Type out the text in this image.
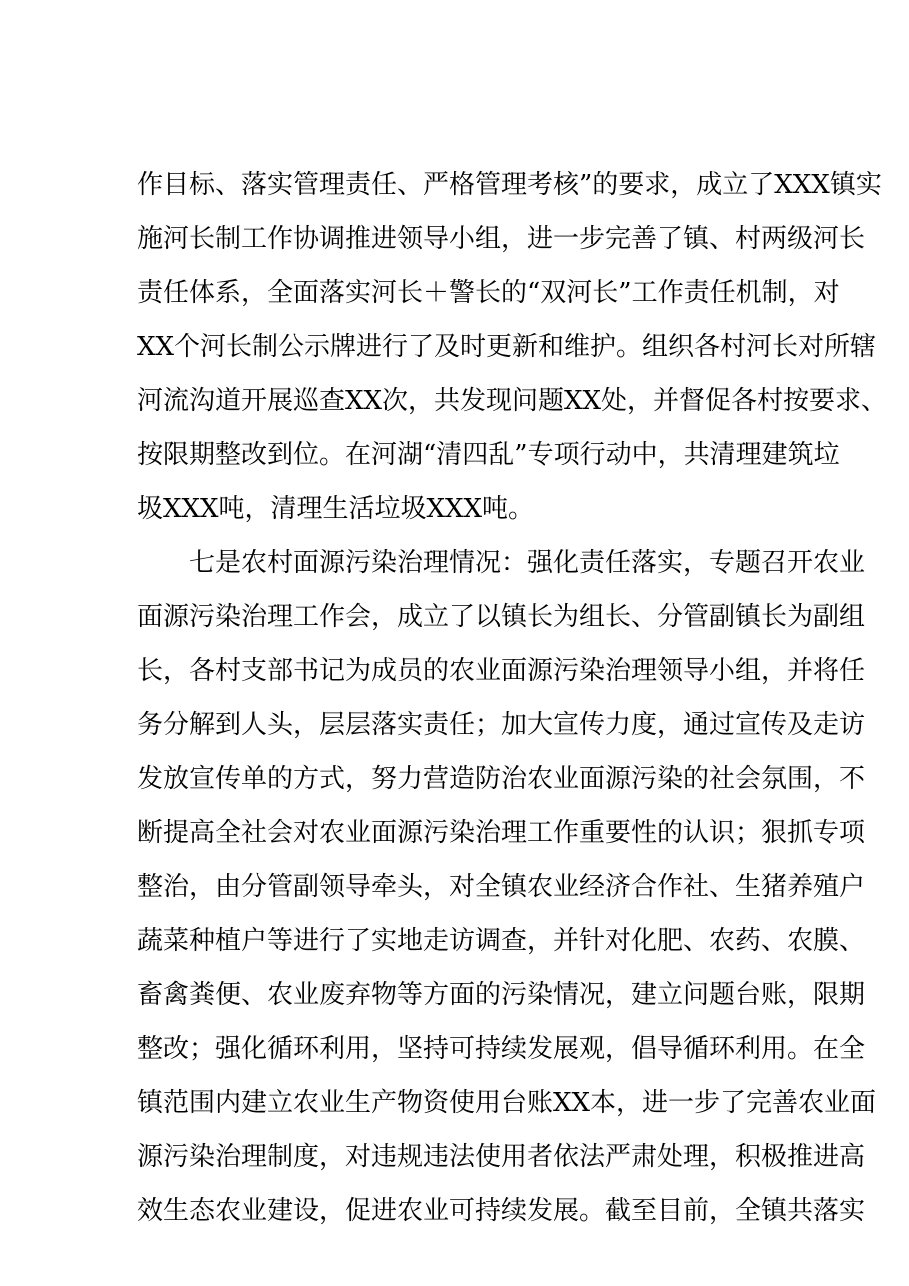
作目标、落实管理责任、严格管理考核”的要求，成立了XXX镇实
施河长制工作协调推进领导小组，进一步完善了镇、村两级河长
责任体系，全面落实河长＋警长的“双河长”工作责任机制，对
XX个河长制公示牌进行了及时更新和维护。组织各村河长对所辖
河流沟道开展巡查XX次，共发现问题XX处，并督促各村按要求、
按限期整改到位。在河湖“清四乱”专项行动中，共清理建筑垃
圾XXX吨，清理生活垃圾XXX吨。
七是农村面源污染治理情况：强化责任落实，专题召开农业
面源污染治理工作会，成立了以镇长为组长、分管副镇长为副组
长，各村支部书记为成员的农业面源污染治理领导小组，并将任
务分解到人头，层层落实责任；加大宣传力度，通过宣传及走访
发放宣传单的方式，努力营造防治农业面源污染的社会氛围，不
断提高全社会对农业面源污染治理工作重要性的认识；狠抓专项
整治，由分管副领导牵头，对全镇农业经济合作社、生猪养殖户
蔬菜种植户等进行了实地走访调查，并针对化肥、农药、农膜、
畜禽粪便、农业废弃物等方面的污染情况，建立问题台账，限期
整改；强化循环利用，坚持可持续发展观，倡导循环利用。在全
镇范围内建立农业生产物资使用台账XX本，进一步了完善农业面
源污染治理制度，对违规违法使用者依法严肃处理，积极推进高
效生态农业建设，促进农业可持续发展。截至目前，全镇共落实
